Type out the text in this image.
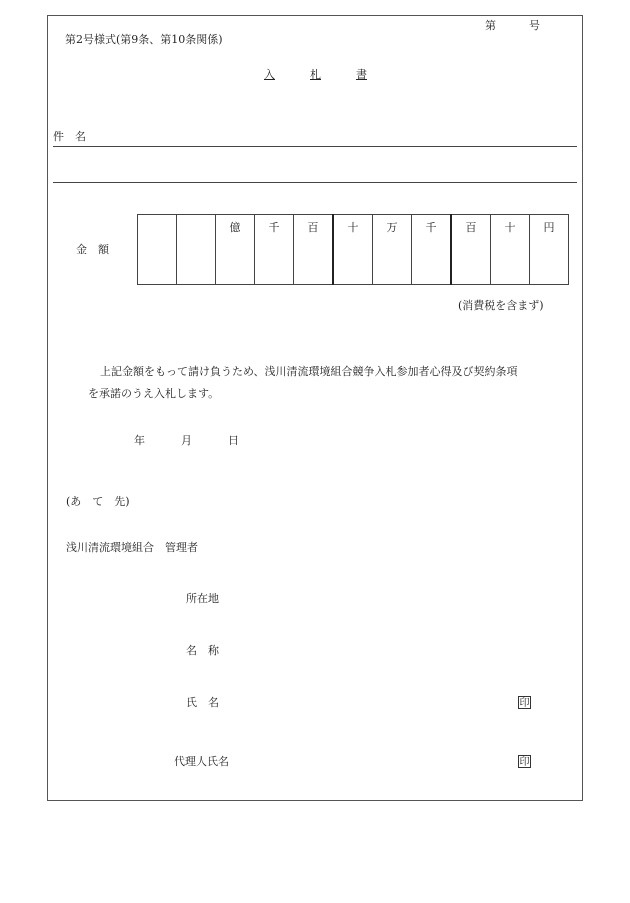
第	号
第2号様式(第9条、第10条関係)
入	札	書
件　名
金　額

億	千	百	十	万	千	百	十	円
(消費税を含まず)
上記金額をもって請け負うため、浅川清流環境組合競争入札参加者心得及び契約条項を承諾のうえ入札します。
年	月	日
(あ　て　先)
浅川清流環境組合　管理者
所在地
名　称
氏　名	印
代理人氏名	印
